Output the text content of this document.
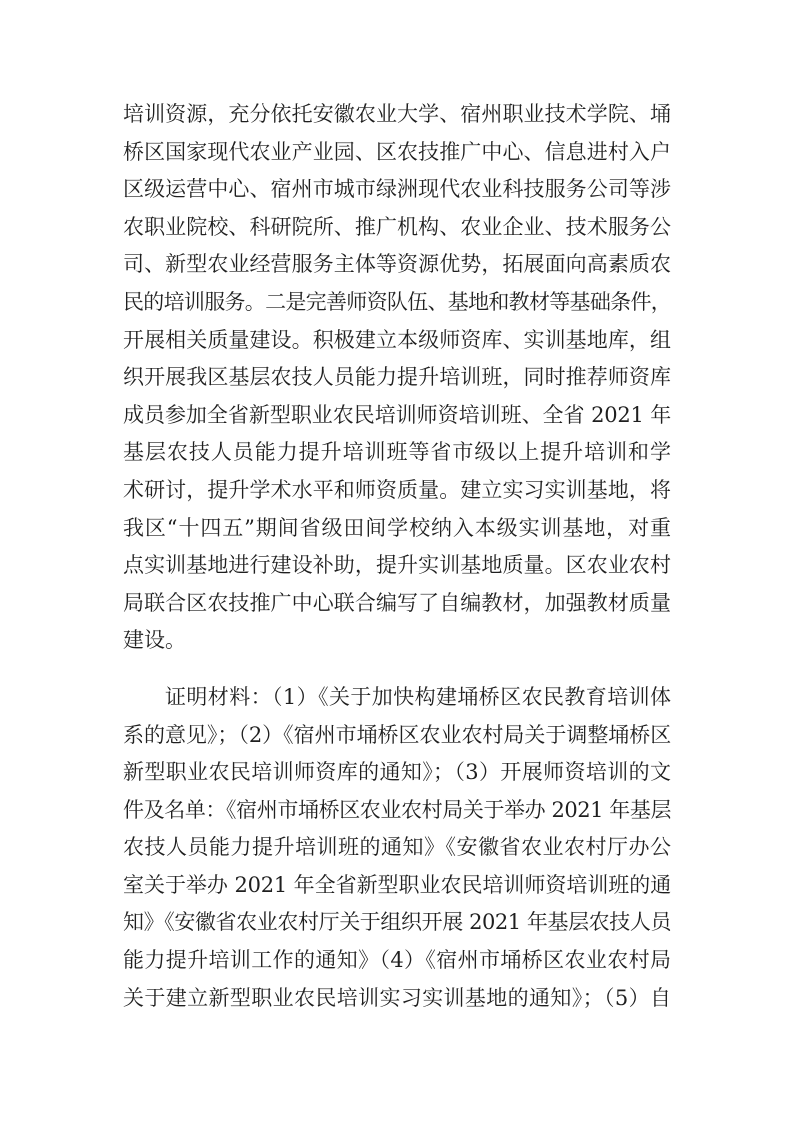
培训资源，充分依托安徽农业大学、宿州职业技术学院、埇
桥区国家现代农业产业园、区农技推广中心、信息进村入户
区级运营中心、宿州市城市绿洲现代农业科技服务公司等涉
农职业院校、科研院所、推广机构、农业企业、技术服务公
司、新型农业经营服务主体等资源优势，拓展面向高素质农
民的培训服务。二是完善师资队伍、基地和教材等基础条件，
开展相关质量建设。积极建立本级师资库、实训基地库，组
织开展我区基层农技人员能力提升培训班，同时推荐师资库
成员参加全省新型职业农民培训师资培训班、全省 2021 年
基层农技人员能力提升培训班等省市级以上提升培训和学
术研讨，提升学术水平和师资质量。建立实习实训基地，将
我区“十四五”期间省级田间学校纳入本级实训基地，对重
点实训基地进行建设补助，提升实训基地质量。区农业农村
局联合区农技推广中心联合编写了自编教材，加强教材质量
建设。
证明材料：（1）《关于加快构建埇桥区农民教育培训体
系的意见》；（2）《宿州市埇桥区农业农村局关于调整埇桥区
新型职业农民培训师资库的通知》；（3）开展师资培训的文
件及名单：《宿州市埇桥区农业农村局关于举办 2021 年基层
农技人员能力提升培训班的通知》《安徽省农业农村厅办公
室关于举办 2021 年全省新型职业农民培训师资培训班的通
知》《安徽省农业农村厅关于组织开展 2021 年基层农技人员
能力提升培训工作的通知》（4）《宿州市埇桥区农业农村局
关于建立新型职业农民培训实习实训基地的通知》；（5）自
